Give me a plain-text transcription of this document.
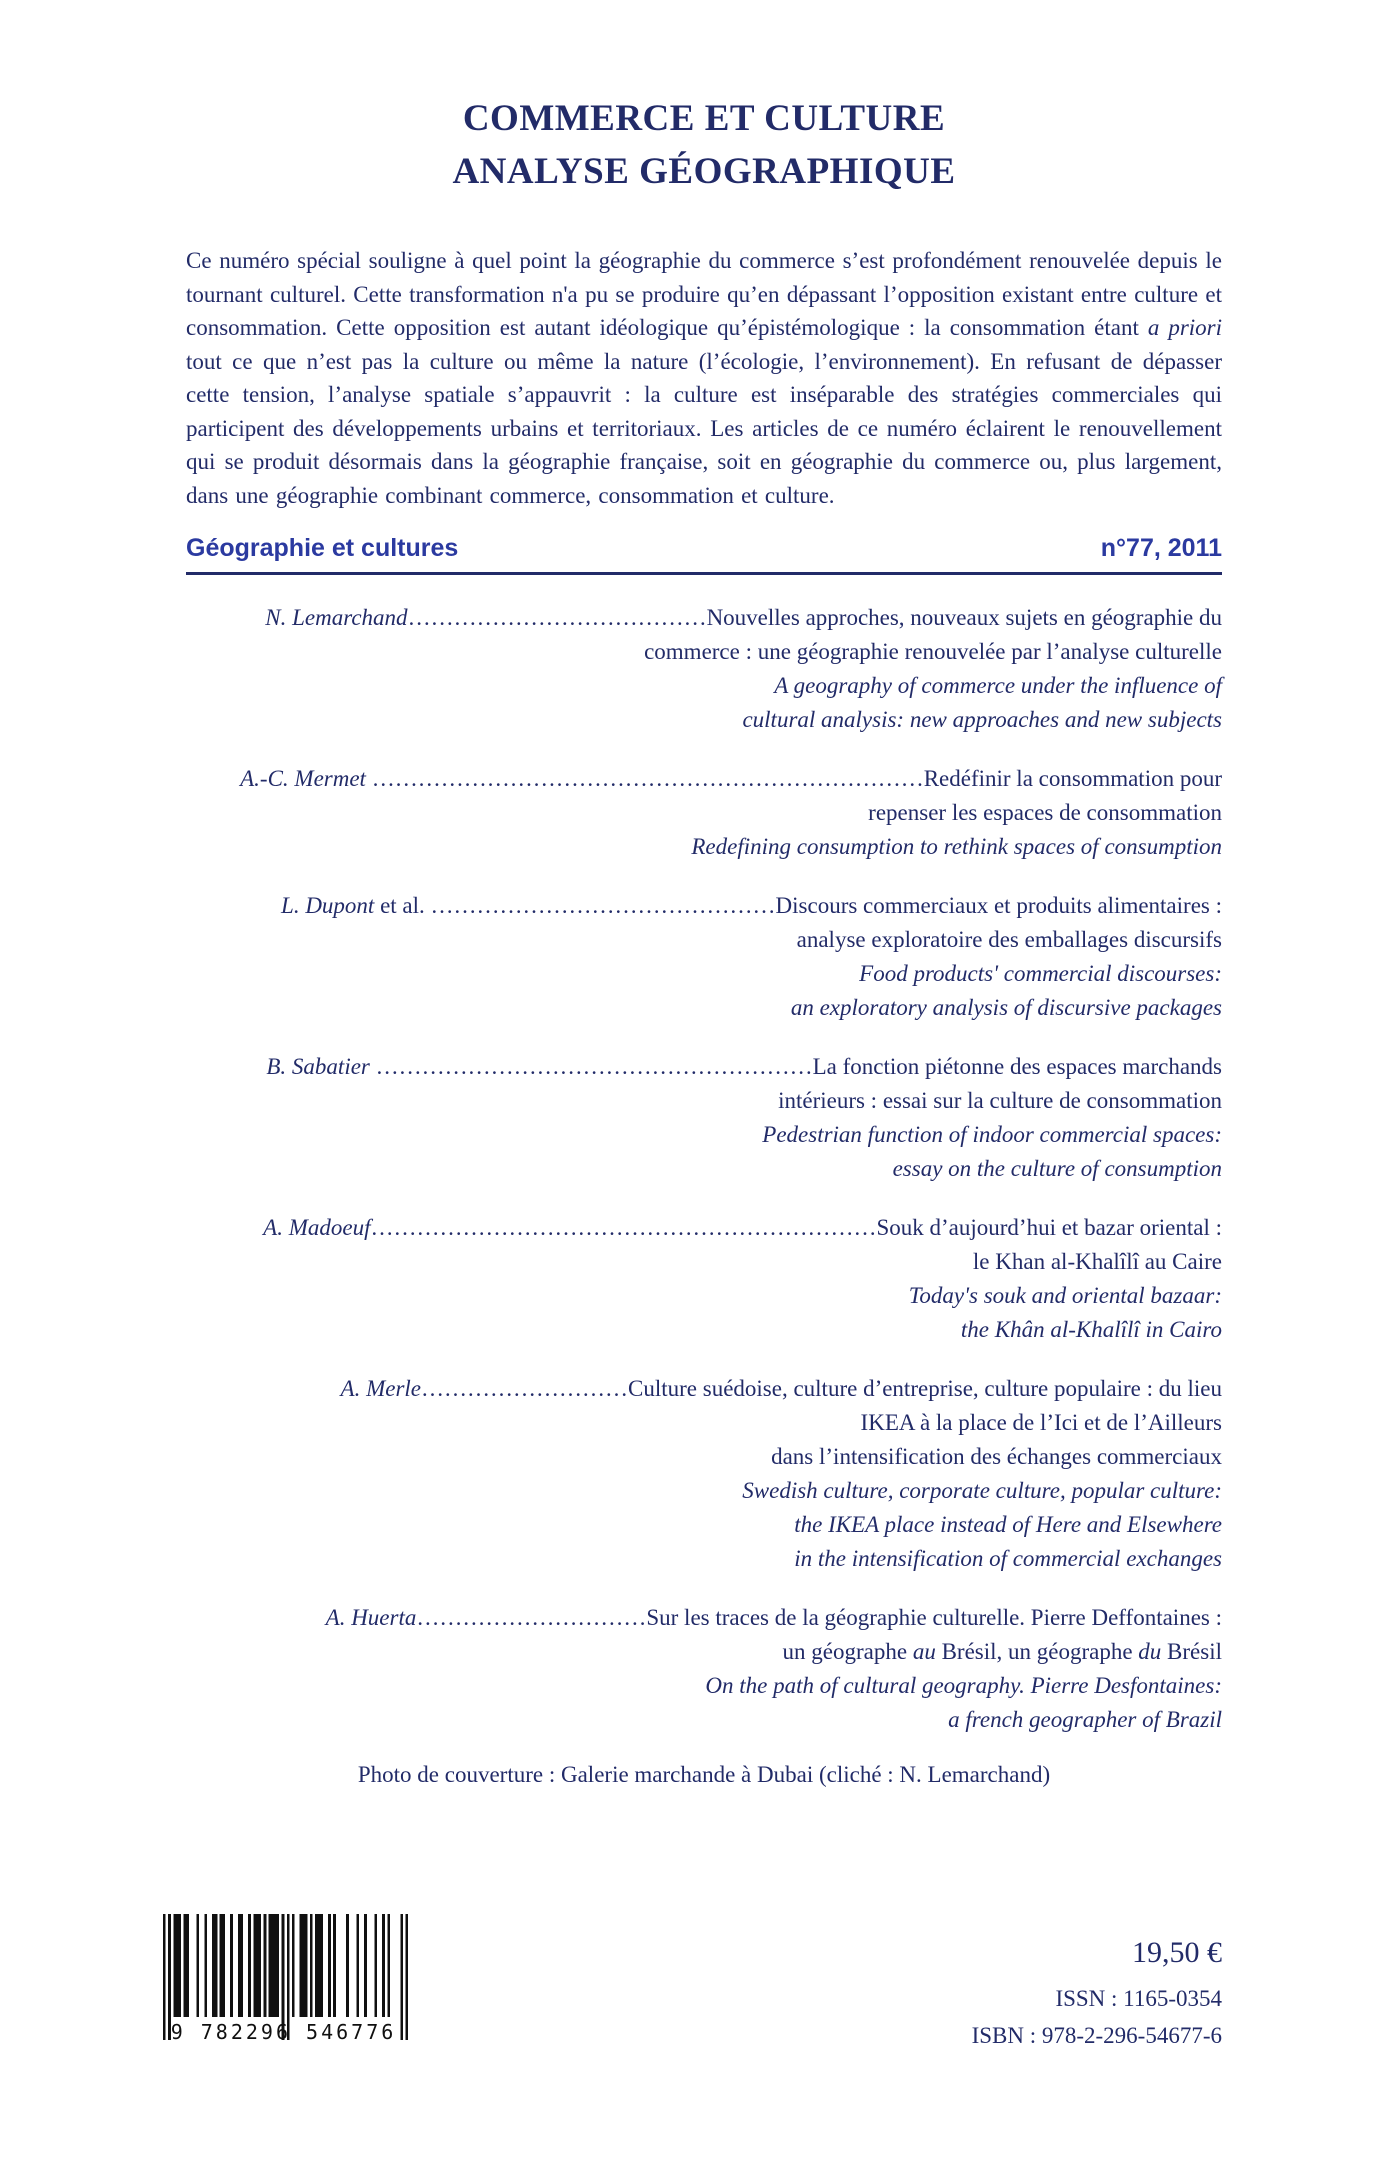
COMMERCE ET CULTURE
ANALYSE GÉOGRAPHIQUE

Ce numéro spécial souligne à quel point la géographie du commerce s’est profondément renouvelée depuis le tournant culturel. Cette transformation n'a pu se produire qu’en dépassant l’opposition existant entre culture et consommation. Cette opposition est autant idéologique qu’épistémologique : la consommation étant a priori tout ce que n’est pas la culture ou même la nature (l’écologie, l’environnement). En refusant de dépasser cette tension, l’analyse spatiale s’appauvrit : la culture est inséparable des stratégies commerciales qui participent des développements urbains et territoriaux. Les articles de ce numéro éclairent le renouvellement qui se produit désormais dans la géographie française, soit en géographie du commerce ou, plus largement, dans une géographie combinant commerce, consommation et culture.

Géographie et cultures	n°77, 2011
N. Lemarchand…………………………………Nouvelles approches, nouveaux sujets en géographie du
commerce : une géographie renouvelée par l’analyse culturelle
A geography of commerce under the influence of
cultural analysis: new approaches and new subjects
A.-C. Mermet ………………………………………………………………Redéfinir la consommation pour
repenser les espaces de consommation
Redefining consumption to rethink spaces of consumption
L. Dupont et al. ………………………………………Discours commerciaux et produits alimentaires :
analyse exploratoire des emballages discursifs
Food products' commercial discourses:
an exploratory analysis of discursive packages
B. Sabatier …………………………………………………La fonction piétonne des espaces marchands
intérieurs : essai sur la culture de consommation
Pedestrian function of indoor commercial spaces:
essay on the culture of consumption
A. Madoeuf…………………………………………………………Souk d’aujourd’hui et bazar oriental :
le Khan al-Khalîlî au Caire
Today's souk and oriental bazaar:
the Khân al-Khalîlî in Cairo
A. Merle………………………Culture suédoise, culture d’entreprise, culture populaire : du lieu
IKEA à la place de l’Ici et de l’Ailleurs
dans l’intensification des échanges commerciaux
Swedish culture, corporate culture, popular culture:
the IKEA place instead of Here and Elsewhere
in the intensification of commercial exchanges
A. Huerta…………………………Sur les traces de la géographie culturelle. Pierre Deffontaines :
un géographe au Brésil, un géographe du Brésil
On the path of cultural geography. Pierre Desfontaines:
a french geographer of Brazil

Photo de couverture : Galerie marchande à Dubai (cliché : N. Lemarchand)

9 782296 546776
19,50 €
ISSN : 1165-0354
ISBN : 978-2-296-54677-6
